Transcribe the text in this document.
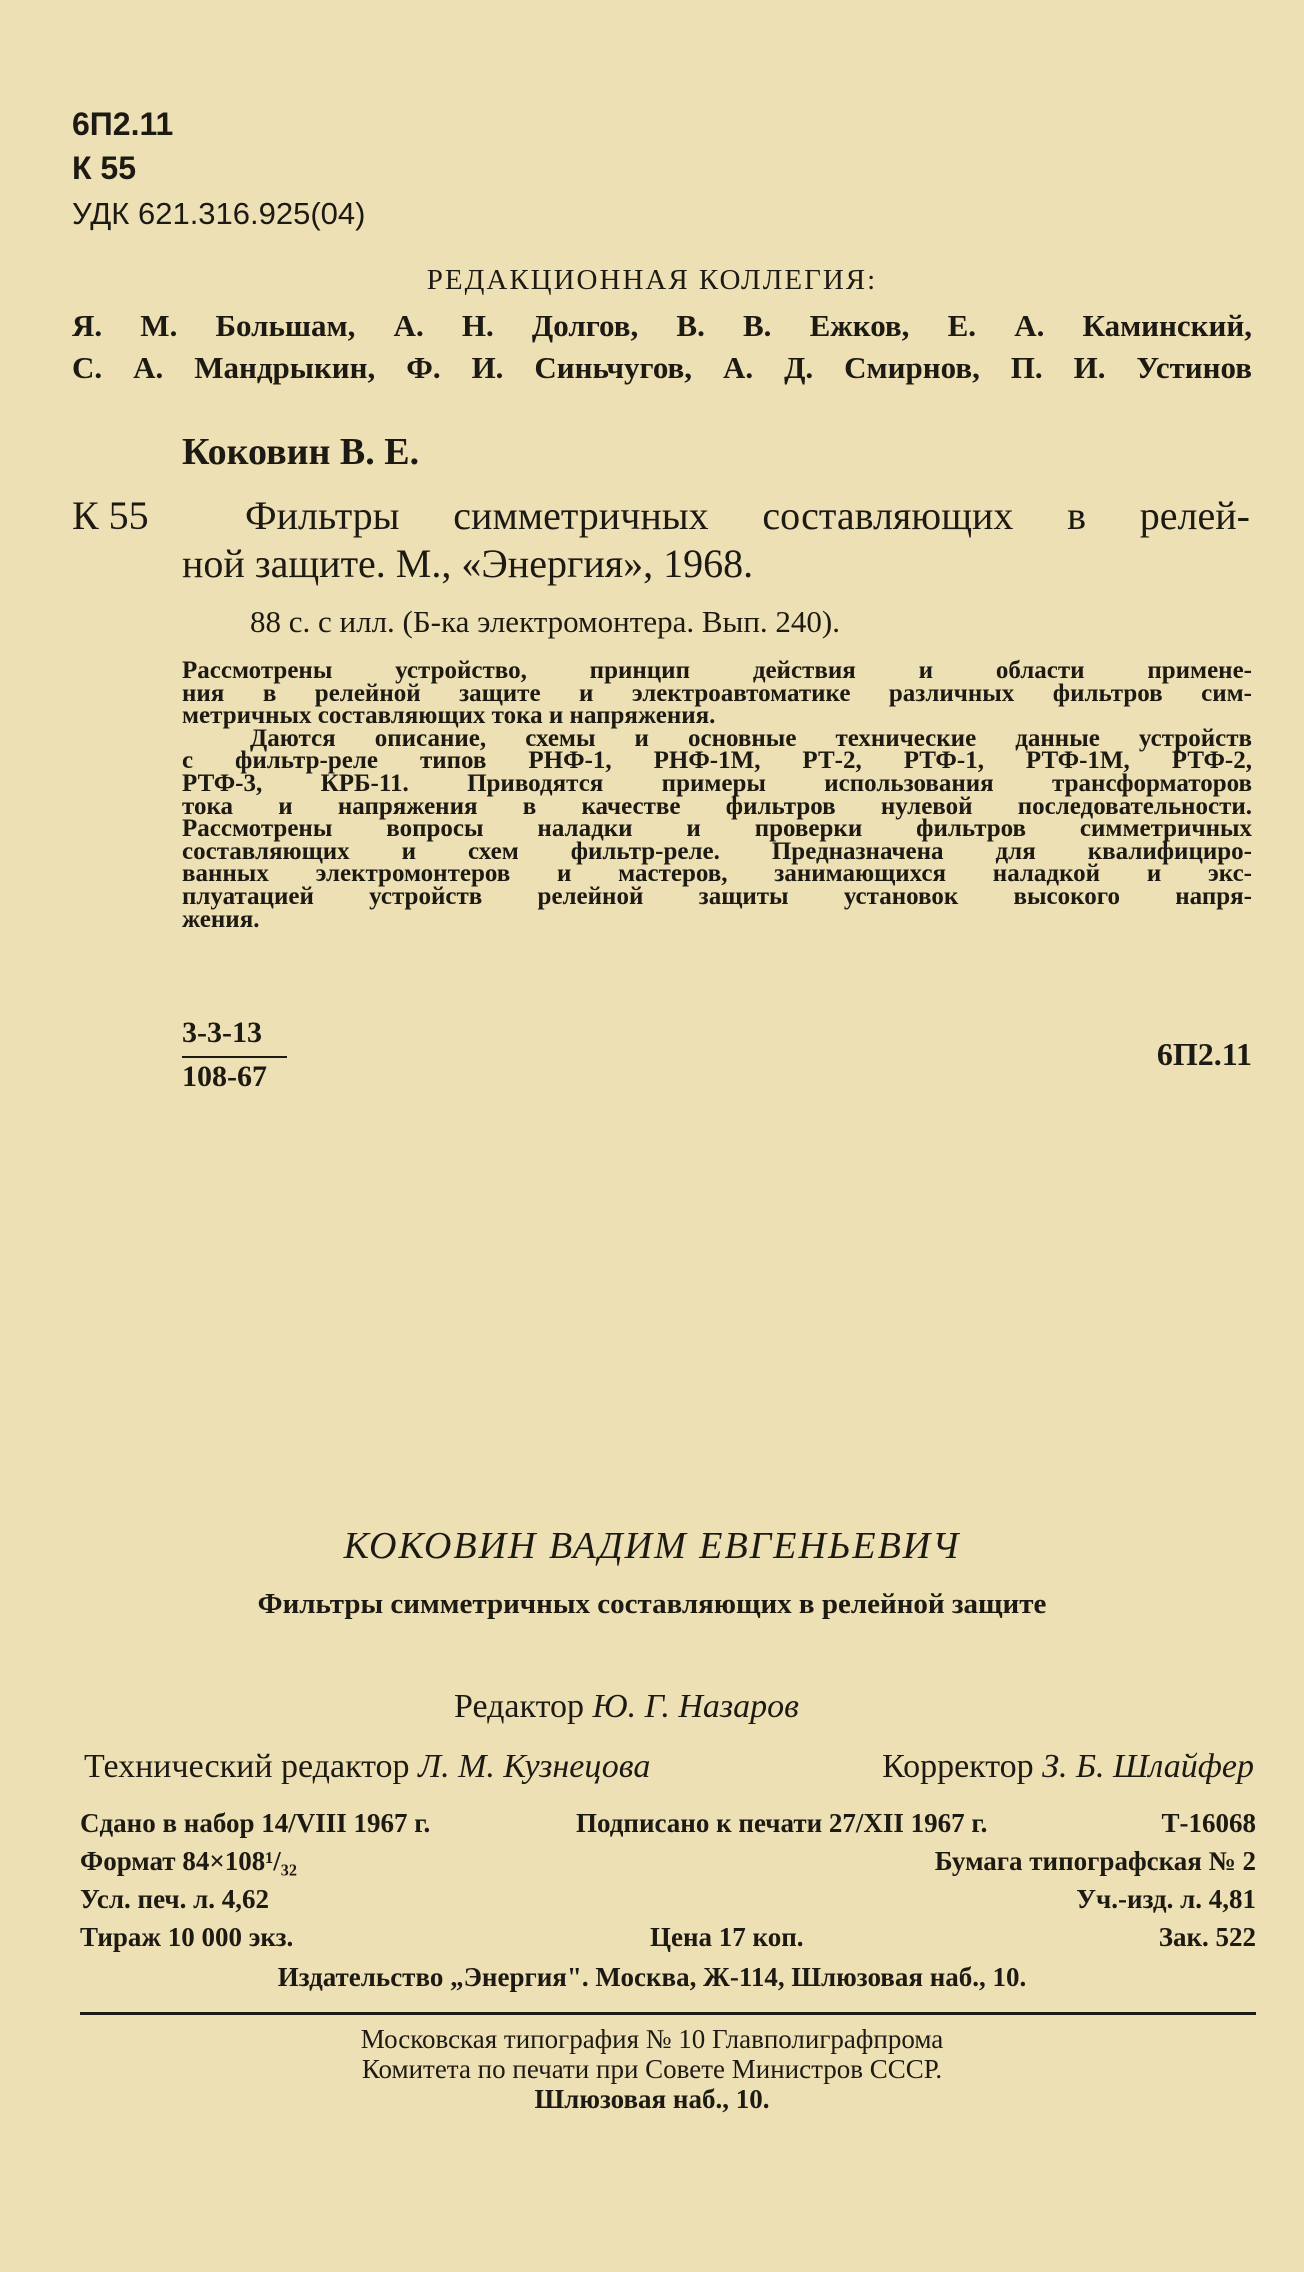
6П2.11
К 55
УДК 621.316.925(04)
РЕДАКЦИОННАЯ КОЛЛЕГИЯ:
Я. М. Большам, А. Н. Долгов, В. В. Ежков, Е. А. Каминский,
С. А. Мандрыкин, Ф. И. Синьчугов, А. Д. Смирнов, П. И. Устинов
Коковин В. Е.
К 55 Фильтры симметричных составляющих в релей-
ной защите. М., «Энергия», 1968.
88 с. с илл. (Б-ка электромонтера. Вып. 240).
Рассмотрены устройство, принцип действия и области примене-
ния в релейной защите и электроавтоматике различных фильтров сим-
метричных составляющих тока и напряжения.
Даются описание, схемы и основные технические данные устройств
с фильтр-реле типов РНФ-1, РНФ-1М, РТ-2, РТФ-1, РТФ-1М, РТФ-2,
РТФ-3, КРБ-11. Приводятся примеры использования трансформаторов
тока и напряжения в качестве фильтров нулевой последовательности.
Рассмотрены вопросы наладки и проверки фильтров симметричных
составляющих и схем фильтр-реле. Предназначена для квалифициро-
ванных электромонтеров и мастеров, занимающихся наладкой и экс-
плуатацией устройств релейной защиты установок высокого напря-
жения.
3-3-13
108-67
6П2.11
КОКОВИН ВАДИМ ЕВГЕНЬЕВИЧ
Фильтры симметричных составляющих в релейной защите
Редактор Ю. Г. Назаров
Технический редактор Л. М. Кузнецова	Корректор З. Б. Шлайфер
Сдано в набор 14/VIII 1967 г.	Подписано к печати 27/XII 1967 г.	Т-16068
Формат 84×108¹/₃₂	Бумага типографская № 2
Усл. печ. л. 4,62	Уч.-изд. л. 4,81
Тираж 10 000 экз.	Цена 17 коп.	Зак. 522
Издательство „Энергия". Москва, Ж-114, Шлюзовая наб., 10.
Московская типография № 10 Главполиграфпрома
Комитета по печати при Совете Министров СССР.
Шлюзовая наб., 10.
